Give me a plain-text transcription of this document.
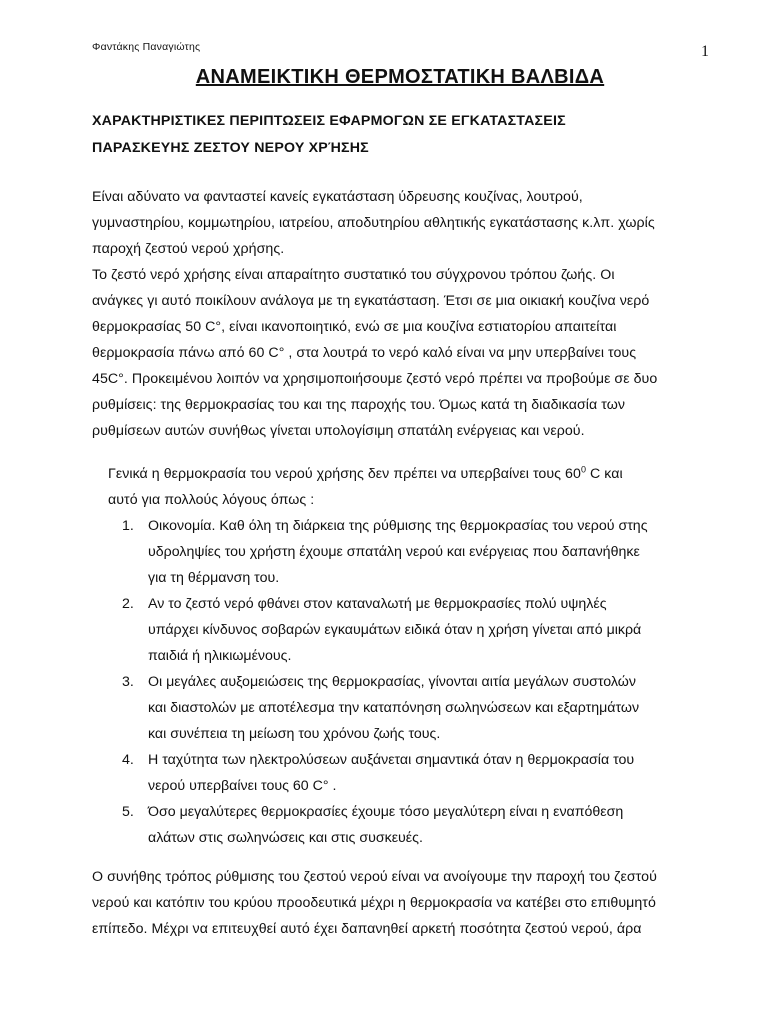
Φαντάκης Παναγιώτης	1
ΑΝΑΜΕΙΚΤΙΚΗ ΘΕΡΜΟΣΤΑΤΙΚΗ ΒΑΛΒΙΔΑ

ΧΑΡΑΚΤΗΡΙΣΤΙΚΕΣ ΠΕΡΙΠΤΩΣΕΙΣ ΕΦΑΡΜΟΓΩΝ ΣΕ ΕΓΚΑΤΑΣΤΑΣΕΙΣ
ΠΑΡΑΣΚΕΥΗΣ ΖΕΣΤΟΥ ΝΕΡΟΥ ΧΡΉΣΗΣ

Είναι αδύνατο να φανταστεί κανείς εγκατάσταση ύδρευσης κουζίνας, λουτρού,
γυμναστηρίου, κομμωτηρίου, ιατρείου, αποδυτηρίου αθλητικής εγκατάστασης κ.λπ. χωρίς
παροχή ζεστού νερού χρήσης.

Το ζεστό νερό χρήσης είναι απαραίτητο συστατικό του σύγχρονου τρόπου ζωής. Οι
ανάγκες γι αυτό ποικίλουν ανάλογα με τη εγκατάσταση. Έτσι σε μια οικιακή κουζίνα νερό
θερμοκρασίας 50 C°, είναι ικανοποιητικό, ενώ σε μια κουζίνα εστιατορίου απαιτείται
θερμοκρασία πάνω από 60 C° , στα λουτρά το νερό καλό είναι να μην υπερβαίνει τους
45C°. Προκειμένου λοιπόν να χρησιμοποιήσουμε ζεστό νερό πρέπει να προβούμε σε δυο
ρυθμίσεις: της θερμοκρασίας του και της παροχής του. Όμως κατά τη διαδικασία των
ρυθμίσεων αυτών συνήθως γίνεται υπολογίσιμη σπατάλη ενέργειας και νερού.

Γενικά η θερμοκρασία του νερού χρήσης δεν πρέπει να υπερβαίνει τους $60^0$ C και
αυτό για πολλούς λόγους όπως :

1. Οικονομία. Καθ όλη τη διάρκεια της ρύθμισης της θερμοκρασίας του νερού στης
υδροληψίες του χρήστη έχουμε σπατάλη νερού και ενέργειας που δαπανήθηκε
για τη θέρμανση του.
2. Αν το ζεστό νερό φθάνει στον καταναλωτή με θερμοκρασίες πολύ υψηλές
υπάρχει κίνδυνος σοβαρών εγκαυμάτων ειδικά όταν η χρήση γίνεται από μικρά
παιδιά ή ηλικιωμένους.
3. Οι μεγάλες αυξομειώσεις της θερμοκρασίας, γίνονται αιτία μεγάλων συστολών
και διαστολών με αποτέλεσμα την καταπόνηση σωληνώσεων και εξαρτημάτων
και συνέπεια τη μείωση του χρόνου ζωής τους.
4. Η ταχύτητα των ηλεκτρολύσεων αυξάνεται σημαντικά όταν η θερμοκρασία του
νερού υπερβαίνει τους 60 C° .
5. Όσο μεγαλύτερες θερμοκρασίες έχουμε τόσο μεγαλύτερη είναι η εναπόθεση
αλάτων στις σωληνώσεις και στις συσκευές.

Ο συνήθης τρόπος ρύθμισης του ζεστού νερού είναι να ανοίγουμε την παροχή του ζεστού
νερού και κατόπιν του κρύου προοδευτικά μέχρι η θερμοκρασία να κατέβει στο επιθυμητό
επίπεδο. Μέχρι να επιτευχθεί αυτό έχει δαπανηθεί αρκετή ποσότητα ζεστού νερού, άρα
